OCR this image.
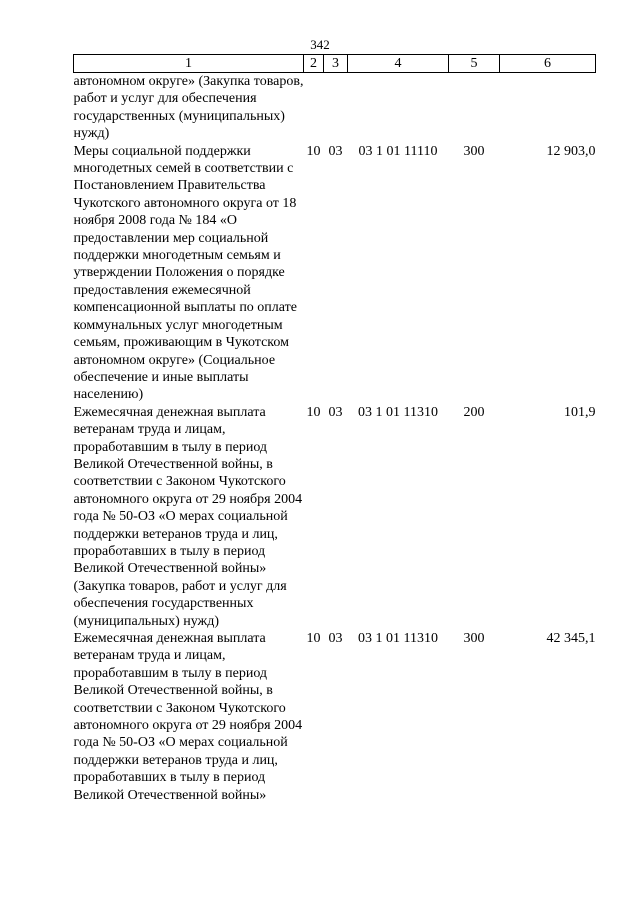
342
1	2	3	4	5	6
автономном округе» (Закупка товаров, работ и услуг для обеспечения государственных (муниципальных) нужд)					
Меры социальной поддержки многодетных семей в соответствии с Постановлением Правительства Чукотского автономного округа от 18 ноября 2008 года № 184 «О предоставлении мер социальной поддержки многодетным семьям и утверждении Положения о порядке предоставления ежемесячной компенсационной выплаты по оплате коммунальных услуг многодетным семьям, проживающим в Чукотском автономном округе» (Социальное обеспечение и иные выплаты населению)	10	03	03 1 01 11110	300	12 903,0
Ежемесячная денежная выплата ветеранам труда и лицам, проработавшим в тылу в период Великой Отечественной войны, в соответствии с Законом Чукотского автономного округа от 29 ноября 2004 года № 50-ОЗ «О мерах социальной поддержки ветеранов труда и лиц, проработавших в тылу в период Великой Отечественной войны» (Закупка товаров, работ и услуг для обеспечения государственных (муниципальных) нужд)	10	03	03 1 01 11310	200	101,9
Ежемесячная денежная выплата ветеранам труда и лицам, проработавшим в тылу в период Великой Отечественной войны, в соответствии с Законом Чукотского автономного округа от 29 ноября 2004 года № 50-ОЗ «О мерах социальной поддержки ветеранов труда и лиц, проработавших в тылу в период Великой Отечественной войны»	10	03	03 1 01 11310	300	42 345,1
